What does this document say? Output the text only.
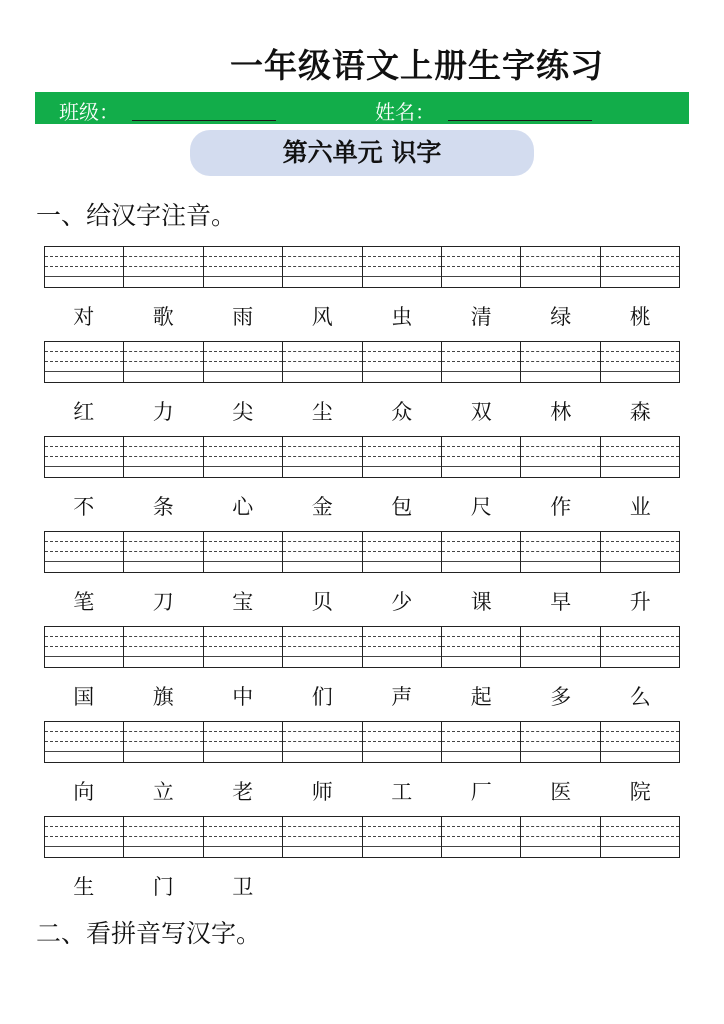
一年级语文上册生字练习
班级：	姓名：
第六单元 识字
一、给汉字注音。
对	歌	雨	风	虫	清	绿	桃
红	力	尖	尘	众	双	林	森
不	条	心	金	包	尺	作	业
笔	刀	宝	贝	少	课	早	升
国	旗	中	们	声	起	多	么
向	立	老	师	工	厂	医	院
生	门	卫
二、看拼音写汉字。
